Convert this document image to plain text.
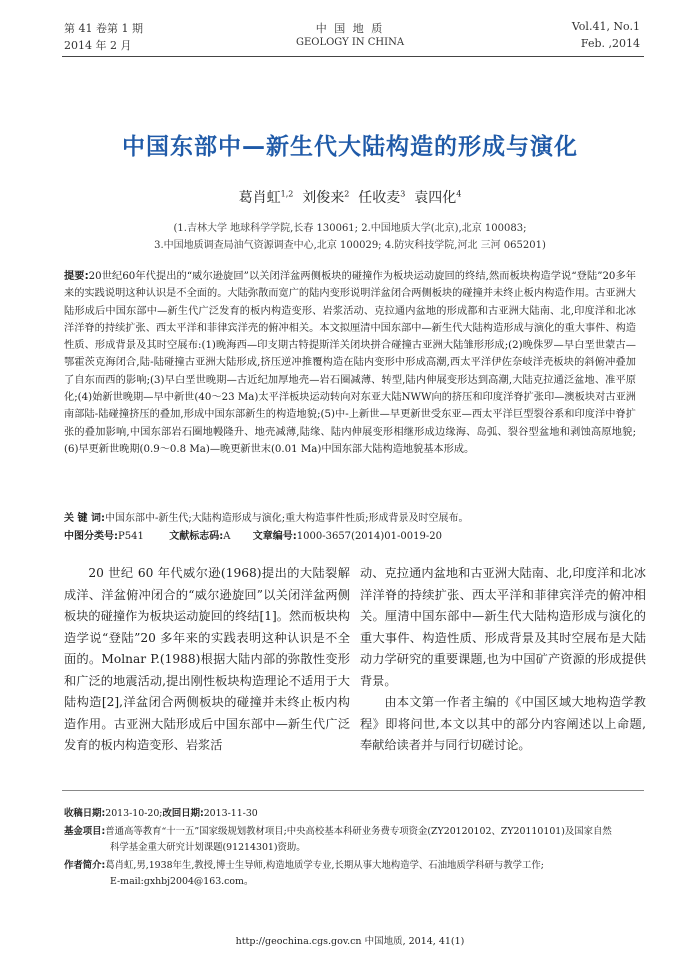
第 41 卷第 1 期
2014 年 2 月
中 国 地 质
GEOLOGY IN CHINA
Vol.41, No.1
Feb. ,2014
中国东部中—新生代大陆构造的形成与演化
葛肖虹$^{1,2}$ 刘俊来$^2$ 任收麦$^3$ 袁四化$^4$
(1.吉林大学 地球科学学院,长春 130061; 2.中国地质大学(北京),北京 100083;
3.中国地质调查局油气资源调查中心,北京 100029; 4.防灾科技学院,河北 三河 065201)
提要:20世纪60年代提出的“威尔逊旋回”以关闭洋盆两侧板块的碰撞作为板块运动旋回的终结,然而板块构造学说“登陆”20多年来的实践说明这种认识是不全面的。大陆弥散而宽广的陆内变形说明洋盆闭合两侧板块的碰撞并未终止板内构造作用。古亚洲大陆形成后中国东部中—新生代广泛发育的板内构造变形、岩浆活动、克拉通内盆地的形成都和古亚洲大陆南、北,印度洋和北冰洋洋脊的持续扩张、西太平洋和菲律宾洋壳的俯冲相关。本文拟厘清中国东部中—新生代大陆构造形成与演化的重大事件、构造性质、形成背景及其时空展布:(1)晚海西—印支期古特提斯洋关闭块拼合碰撞古亚洲大陆雏形形成;(2)晚侏罗—早白垩世蒙古—鄂霍茨克海闭合,陆-陆碰撞古亚洲大陆形成,挤压逆冲推覆构造在陆内变形中形成高潮,西太平洋伊佐奈岐洋壳板块的斜俯冲叠加了自东而西的影响;(3)早白垩世晚期—古近纪加厚地壳—岩石圈减薄、转型,陆内伸展变形达到高潮,大陆克拉通泛盆地、准平原化;(4)始新世晚期—早中新世(40～23 Ma)太平洋板块运动转向对东亚大陆NWW向的挤压和印度洋脊扩张印—澳板块对古亚洲南部陆-陆碰撞挤压的叠加,形成中国东部新生的构造地貌;(5)中-上新世—早更新世受东亚—西太平洋巨型裂谷系和印度洋中脊扩张的叠加影响,中国东部岩石圈地幔隆升、地壳减薄,陆缘、陆内伸展变形相继形成边缘海、岛弧、裂谷型盆地和剥蚀高原地貌;(6)早更新世晚期(0.9～0.8 Ma)—晚更新世末(0.01 Ma)中国东部大陆构造地貌基本形成。
关 键 词:中国东部中-新生代;大陆构造形成与演化;重大构造事件性质;形成背景及时空展布。
中图分类号:P541	文献标志码:A 文章编号:1000-3657(2014)01-0019-20

20 世纪 60 年代威尔逊(1968)提出的大陆裂解成洋、洋盆俯冲闭合的“威尔逊旋回”以关闭洋盆两侧板块的碰撞作为板块运动旋回的终结[1]。然而板块构造学说“登陆”20 多年来的实践表明这种认识是不全面的。Molnar P.(1988)根据大陆内部的弥散性变形和广泛的地震活动,提出刚性板块构造理论不适用于大陆构造[2],洋盆闭合两侧板块的碰撞并未终止板内构造作用。古亚洲大陆形成后中国东部中—新生代广泛发育的板内构造变形、岩浆活

动、克拉通内盆地和古亚洲大陆南、北,印度洋和北冰洋洋脊的持续扩张、西太平洋和菲律宾洋壳的俯冲相关。厘清中国东部中—新生代大陆构造形成与演化的重大事件、构造性质、形成背景及其时空展布是大陆动力学研究的重要课题,也为中国矿产资源的形成提供背景。

由本文第一作者主编的《中国区域大地构造学教程》即将问世,本文以其中的部分内容阐述以上命题,奉献给读者并与同行切磋讨论。

收稿日期:2013-10-20;改回日期:2013-11-30
基金项目:普通高等教育“十一五”国家级规划教材项目;中央高校基本科研业务费专项资金(ZY20120102、ZY20110101)及国家自然
科学基金重大研究计划课题(91214301)资助。
作者简介:葛肖虹,男,1938年生,教授,博士生导师,构造地质学专业,长期从事大地构造学、石油地质学科研与教学工作;
E-mail:gxhbj2004@163.com。
http://geochina.cgs.gov.cn 中国地质, 2014, 41(1)
